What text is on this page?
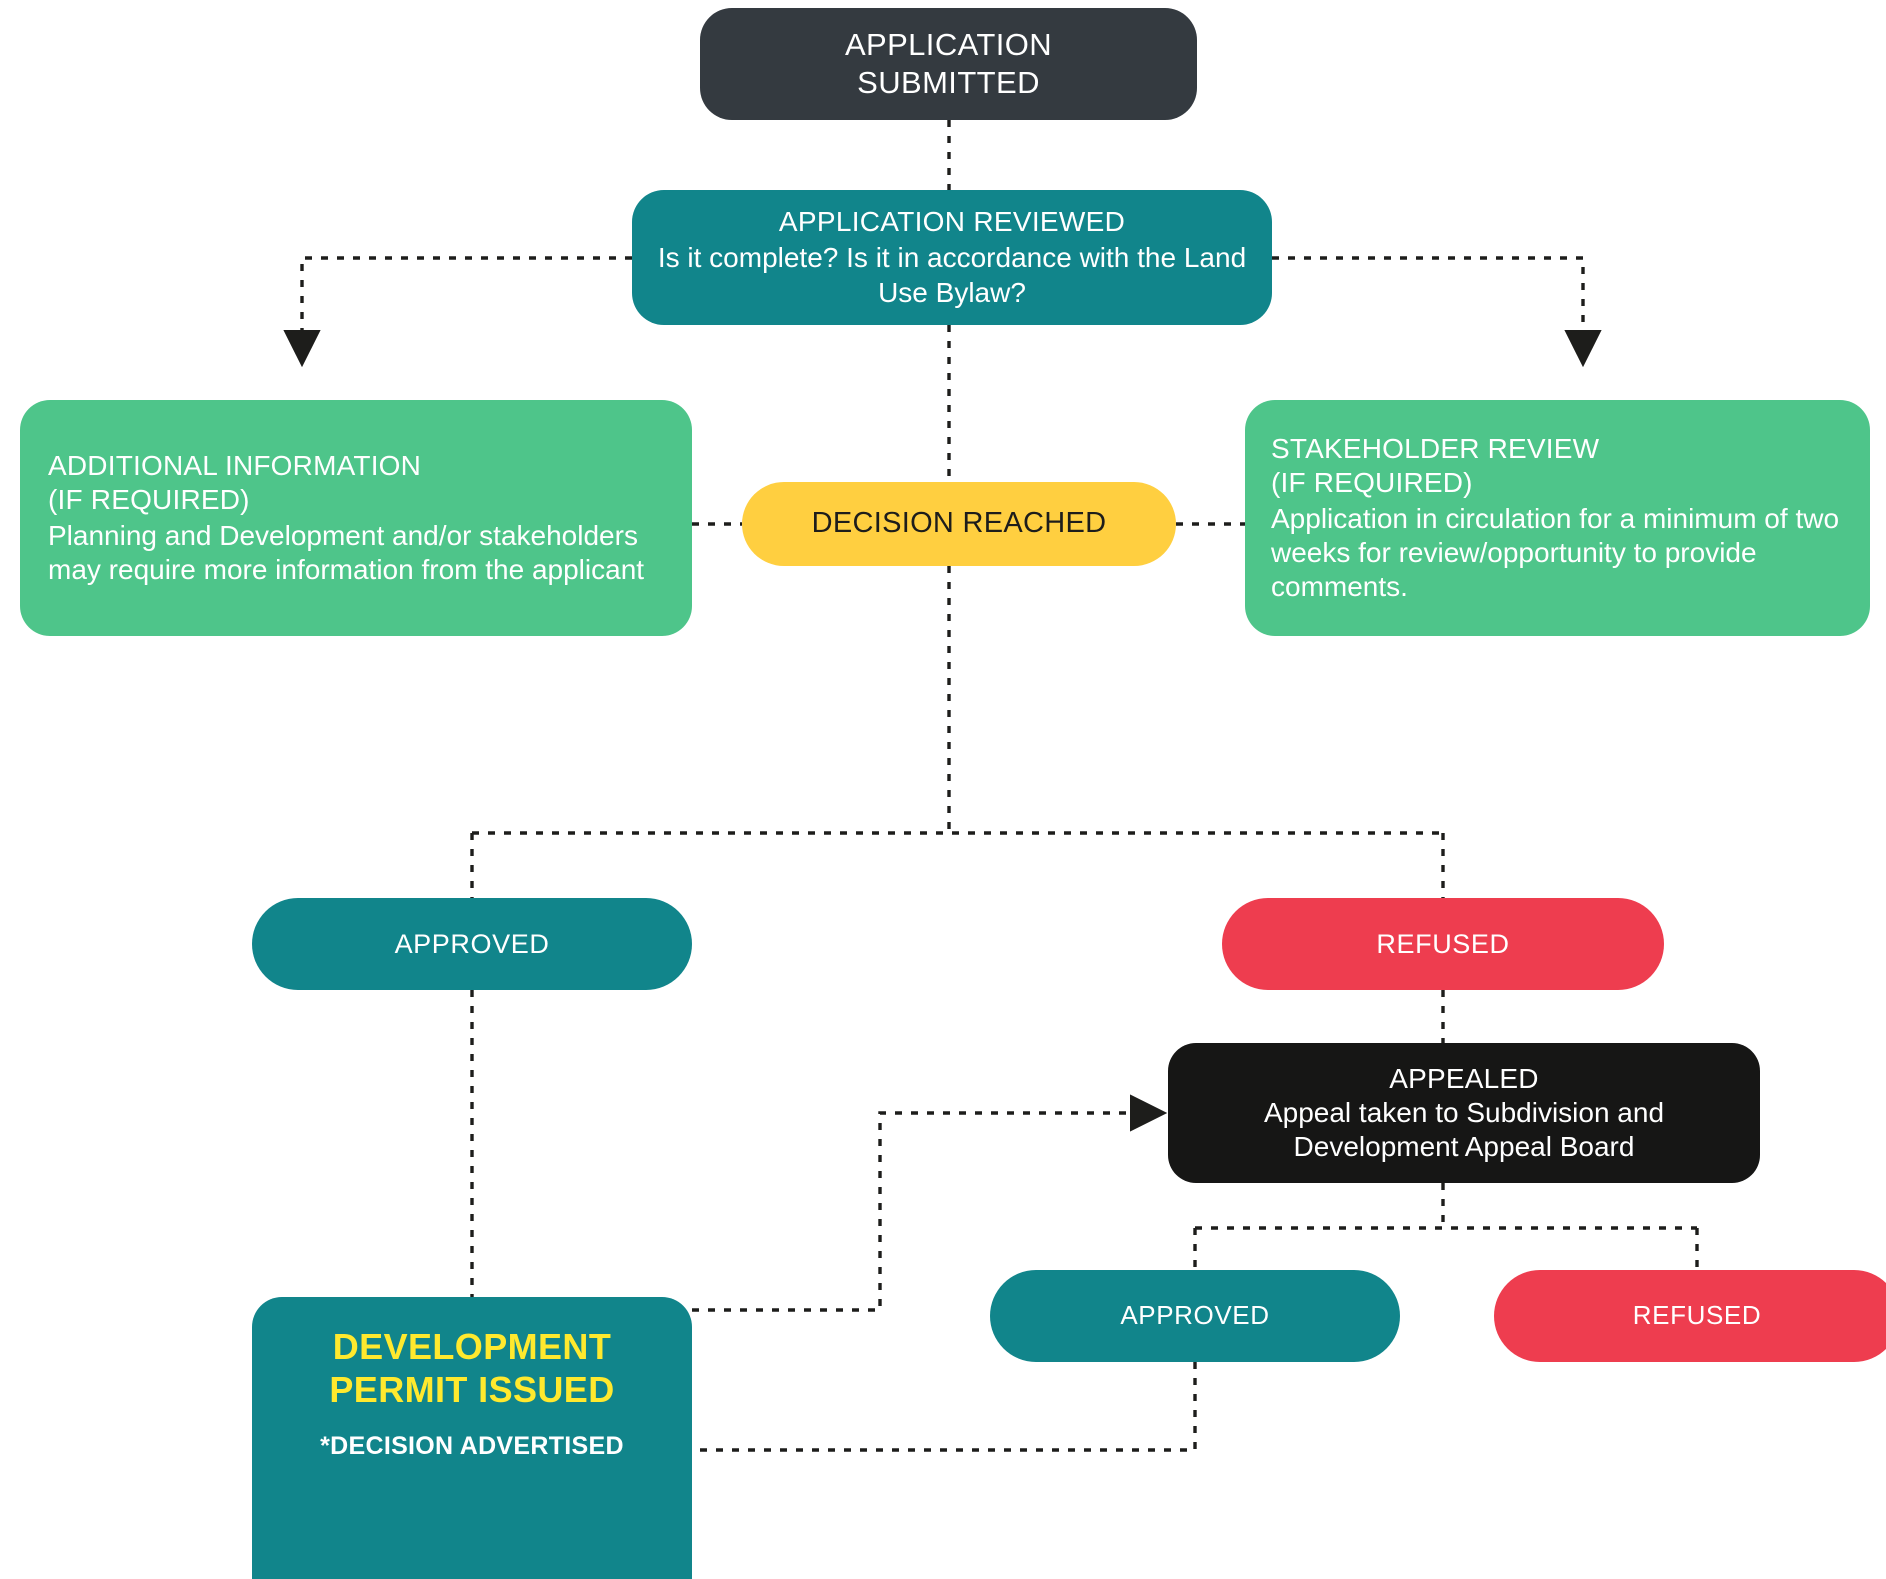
APPLICATION
SUBMITTED
APPLICATION REVIEWED
Is it complete? Is it in accordance with the Land Use Bylaw?
ADDITIONAL INFORMATION
(IF REQUIRED)
Planning and Development and/or stakeholders may require more information from the applicant
STAKEHOLDER REVIEW
(IF REQUIRED)
Application in circulation for a minimum of two weeks for review/opportunity to provide comments.
DECISION REACHED
APPROVED	REFUSED
APPEALED
Appeal taken to Subdivision and Development Appeal Board
DEVELOPMENT PERMIT ISSUED
*DECISION ADVERTISED
APPROVED	REFUSED
